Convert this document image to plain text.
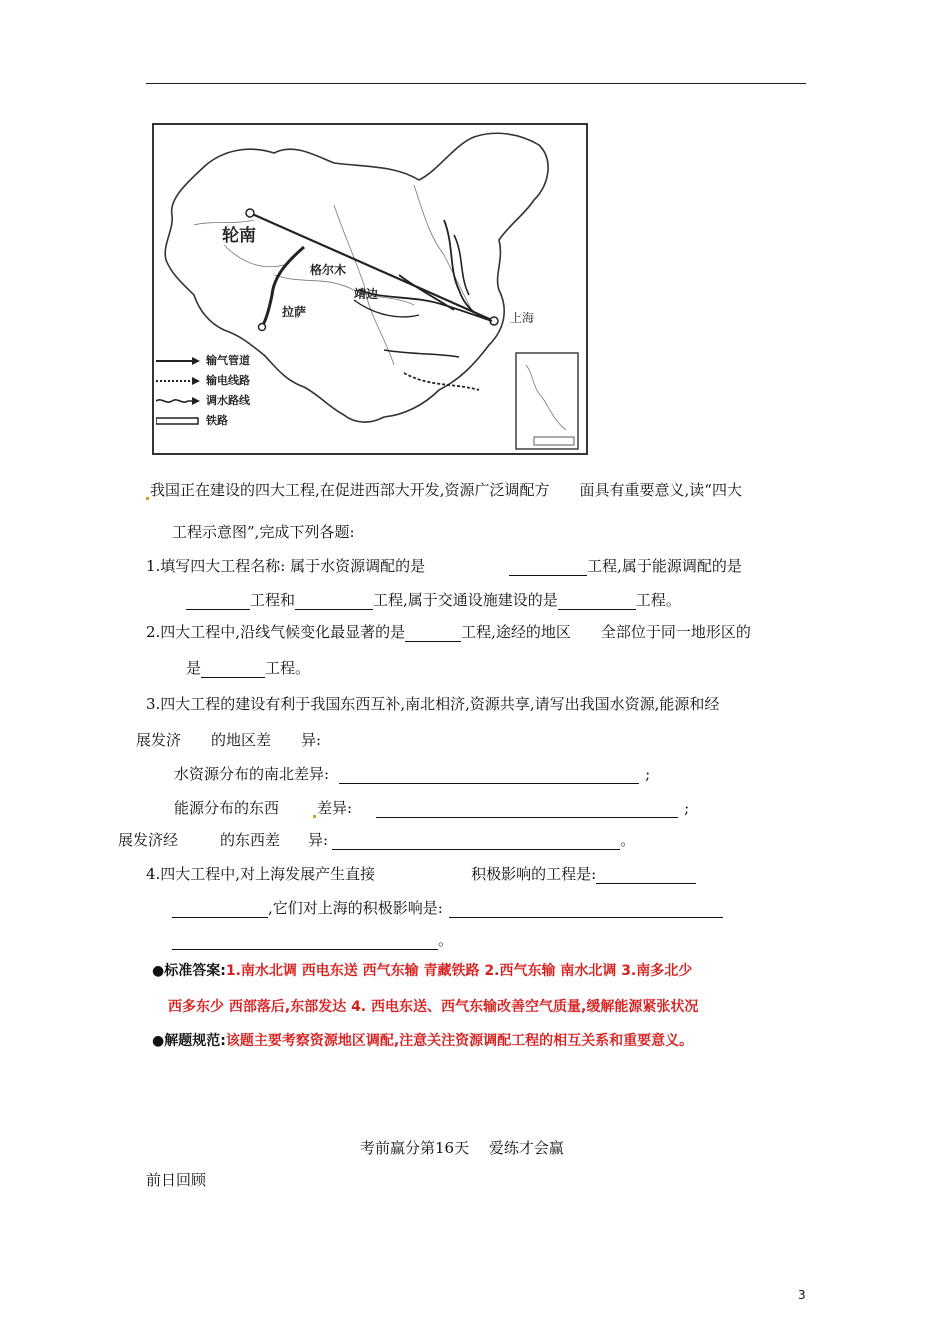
轮南
格尔木
靖边
拉萨	上海
输气管道
输电线路
调水路线
铁路
我国正在建设的四大工程,在促进西部大开发,资源广泛调配方　　面具有重要意义,读“四大
工程示意图”,完成下列各题:
1.填写四大工程名称: 属于水资源调配的是	工程,属于能源调配的是
工程和	工程,属于交通设施建设的是	工程。
2.四大工程中,沿线气候变化最显著的是	工程,途经的地区　　全部位于同一地形区的
是	工程。
3.四大工程的建设有利于我国东西互补,南北相济,资源共享,请写出我国水资源,能源和经
展发济　　的地区差　　异:
水资源分布的南北差异:	;
能源分布的东西	差异:	;
展发济经	的东西差 异:	。
4.四大工程中,对上海发展产生直接	积极影响的工程是:
,它们对上海的积极影响是:
。
●标准答案:1.南水北调 西电东送 西气东输 青藏铁路 2.西气东输 南水北调 3.南多北少
西多东少 西部落后,东部发达 4. 西电东送、西气东输改善空气质量,缓解能源紧张状况
●解题规范:该题主要考察资源地区调配,注意关注资源调配工程的相互关系和重要意义。
考前赢分第16天　 爱练才会赢
前日回顾
3
